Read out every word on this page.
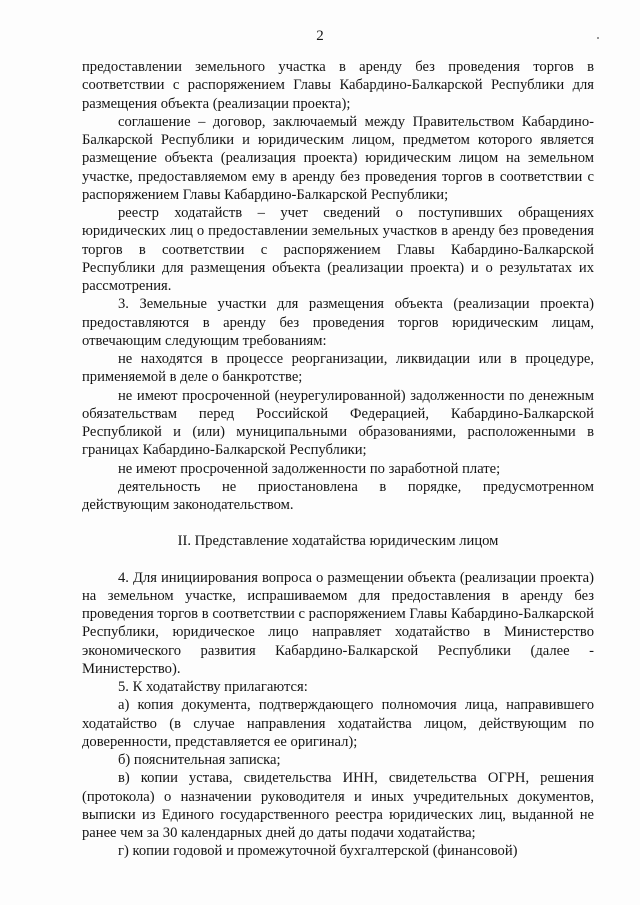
2

предоставлении земельного участка в аренду без проведения торгов в соответствии с распоряжением Главы Кабардино-Балкарской Республики для размещения объекта (реализации проекта);

соглашение – договор, заключаемый между Правительством Кабардино-Балкарской Республики и юридическим лицом, предметом которого является размещение объекта (реализация проекта) юридическим лицом на земельном участке, предоставляемом ему в аренду без проведения торгов в соответствии с распоряжением Главы Кабардино-Балкарской Республики;

реестр ходатайств – учет сведений о поступивших обращениях юридических лиц о предоставлении земельных участков в аренду без проведения торгов в соответствии с распоряжением Главы Кабардино-Балкарской Республики для размещения объекта (реализации проекта) и о результатах их рассмотрения.

3. Земельные участки для размещения объекта (реализации проекта) предоставляются в аренду без проведения торгов юридическим лицам, отвечающим следующим требованиям:

не находятся в процессе реорганизации, ликвидации или в процедуре, применяемой в деле о банкротстве;

не имеют просроченной (неурегулированной) задолженности по денежным обязательствам перед Российской Федерацией, Кабардино-Балкарской Республикой и (или) муниципальными образованиями, расположенными в границах Кабардино-Балкарской Республики;

не имеют просроченной задолженности по заработной плате;

деятельность не приостановлена в порядке, предусмотренном действующим законодательством.

II. Представление ходатайства юридическим лицом

4. Для инициирования вопроса о размещении объекта (реализации проекта) на земельном участке, испрашиваемом для предоставления в аренду без проведения торгов в соответствии с распоряжением Главы Кабардино-Балкарской Республики, юридическое лицо направляет ходатайство в Министерство экономического развития Кабардино-Балкарской Республики (далее - Министерство).

5. К ходатайству прилагаются:

а) копия документа, подтверждающего полномочия лица, направившего ходатайство (в случае направления ходатайства лицом, действующим по доверенности, представляется ее оригинал);

б) пояснительная записка;

в) копии устава, свидетельства ИНН, свидетельства ОГРН, решения (протокола) о назначении руководителя и иных учредительных документов, выписки из Единого государственного реестра юридических лиц, выданной не ранее чем за 30 календарных дней до даты подачи ходатайства;

г) копии годовой и промежуточной бухгалтерской (финансовой)
